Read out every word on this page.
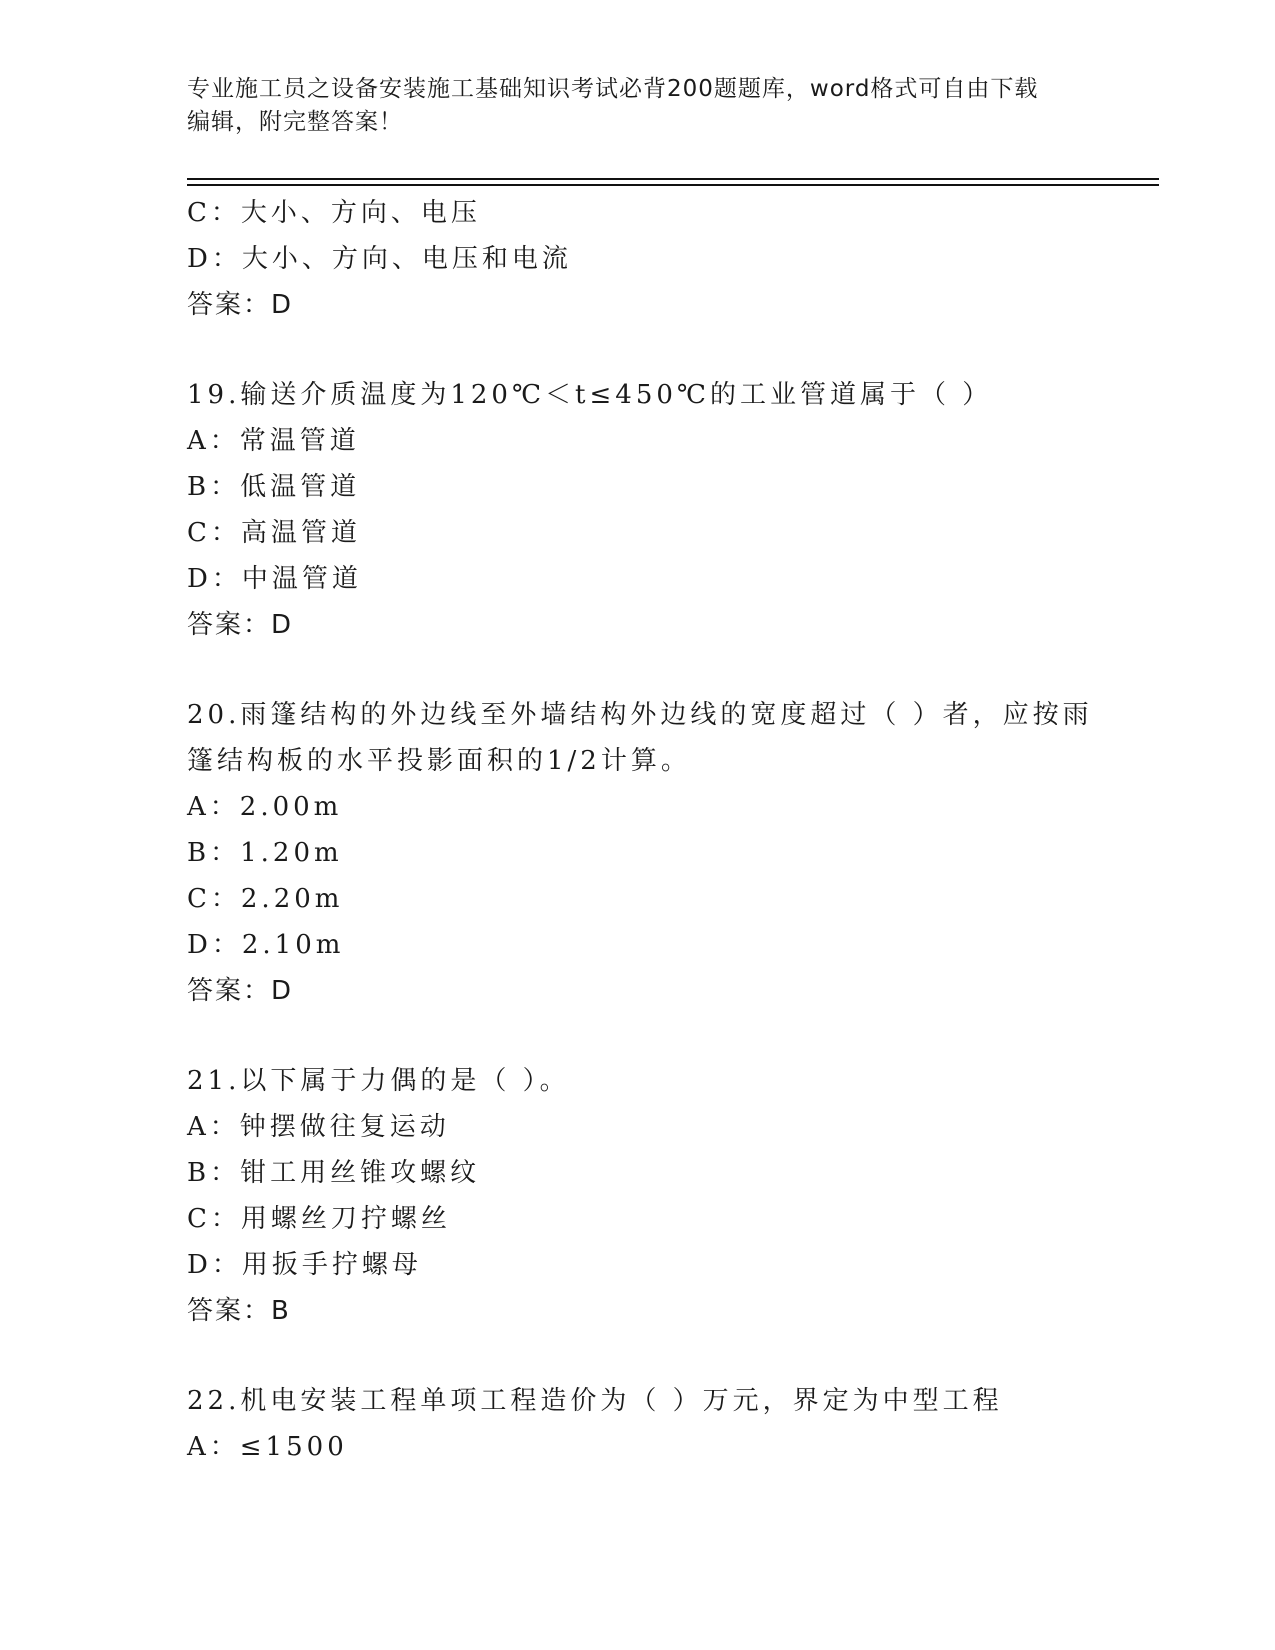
专业施工员之设备安装施工基础知识考试必背200题题库，word格式可自由下载
编辑，附完整答案！
C：大小、方向、电压
D：大小、方向、电压和电流
答案：D
19.输送介质温度为120℃＜t≤450℃的工业管道属于（ ）
A：常温管道
B：低温管道
C：高温管道
D：中温管道
答案：D
20.雨篷结构的外边线至外墙结构外边线的宽度超过（ ）者，应按雨
篷结构板的水平投影面积的1/2计算。
A：2.00m
B：1.20m
C：2.20m
D：2.10m
答案：D
21.以下属于力偶的是（ ）。
A：钟摆做往复运动
B：钳工用丝锥攻螺纹
C：用螺丝刀拧螺丝
D：用扳手拧螺母
答案：B
22.机电安装工程单项工程造价为（ ）万元，界定为中型工程
A：≤1500
